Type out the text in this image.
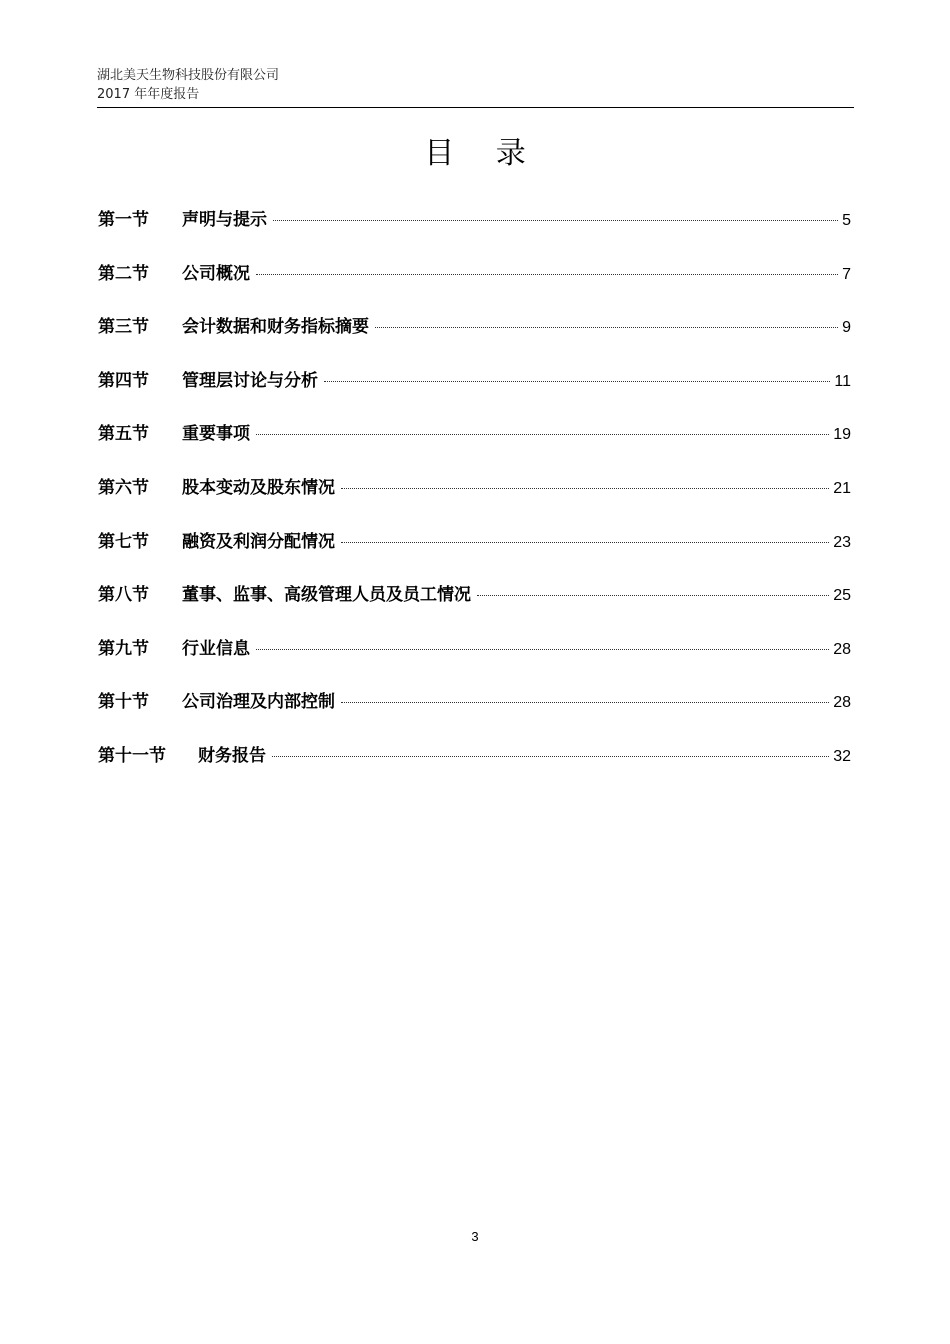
湖北美天生物科技股份有限公司
2017 年年度报告
目 录
第一节	声明与提示	5
第二节	公司概况	7
第三节	会计数据和财务指标摘要	9
第四节	管理层讨论与分析	11
第五节	重要事项	19
第六节	股本变动及股东情况	21
第七节	融资及利润分配情况	23
第八节	董事、监事、高级管理人员及员工情况	25
第九节	行业信息	28
第十节	公司治理及内部控制	28
第十一节	财务报告	32
3
